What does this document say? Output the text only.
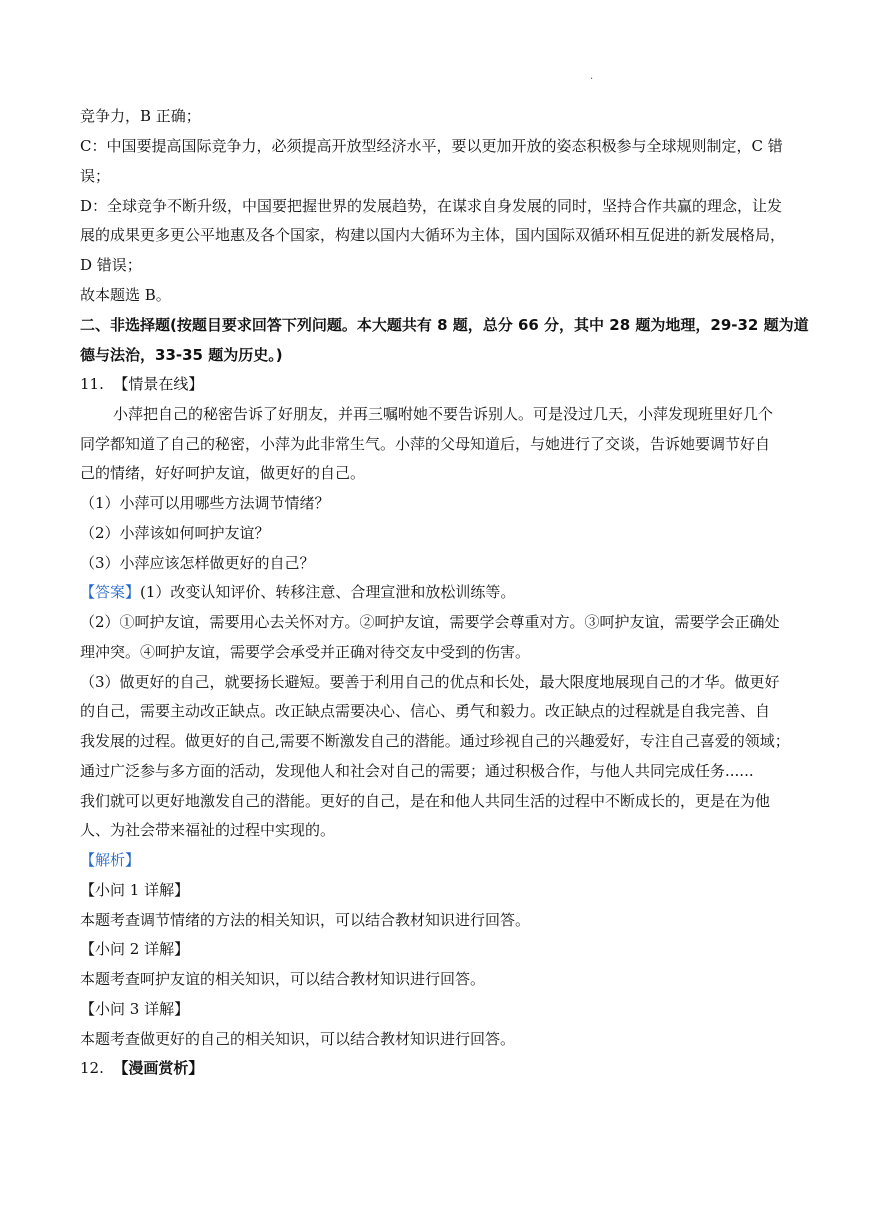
·
竞争力，B 正确；
C：中国要提高国际竞争力，必须提高开放型经济水平，要以更加开放的姿态积极参与全球规则制定，C 错
误；
D：全球竞争不断升级，中国要把握世界的发展趋势，在谋求自身发展的同时，坚持合作共赢的理念，让发
展的成果更多更公平地惠及各个国家，构建以国内大循环为主体，国内国际双循环相互促进的新发展格局，
D 错误；
故本题选 B。
二、非选择题(按题目要求回答下列问题。本大题共有 8 题，总分 66 分，其中 28 题为地理，29-32 题为道
德与法治，33-35 题为历史。)
11. 【情景在线】
小萍把自己的秘密告诉了好朋友，并再三嘱咐她不要告诉别人。可是没过几天，小萍发现班里好几个
同学都知道了自己的秘密，小萍为此非常生气。小萍的父母知道后，与她进行了交谈，告诉她要调节好自
己的情绪，好好呵护友谊，做更好的自己。
（1）小萍可以用哪些方法调节情绪？
（2）小萍该如何呵护友谊？
（3）小萍应该怎样做更好的自己？
【答案】(1）改变认知评价、转移注意、合理宣泄和放松训练等。
（2）①呵护友谊，需要用心去关怀对方。②呵护友谊，需要学会尊重对方。③呵护友谊，需要学会正确处
理冲突。④呵护友谊，需要学会承受并正确对待交友中受到的伤害。
（3）做更好的自己，就要扬长避短。要善于利用自己的优点和长处，最大限度地展现自己的才华。做更好
的自己，需要主动改正缺点。改正缺点需要决心、信心、勇气和毅力。改正缺点的过程就是自我完善、自
我发展的过程。做更好的自己,需要不断激发自己的潜能。通过珍视自己的兴趣爱好，专注自己喜爱的领域；
通过广泛参与多方面的活动，发现他人和社会对自己的需要；通过积极合作，与他人共同完成任务......
我们就可以更好地激发自己的潜能。更好的自己，是在和他人共同生活的过程中不断成长的，更是在为他
人、为社会带来福祉的过程中实现的。
【解析】
【小问 1 详解】
本题考查调节情绪的方法的相关知识，可以结合教材知识进行回答。
【小问 2 详解】
本题考查呵护友谊的相关知识，可以结合教材知识进行回答。
【小问 3 详解】
本题考查做更好的自己的相关知识，可以结合教材知识进行回答。
12. 【漫画赏析】
